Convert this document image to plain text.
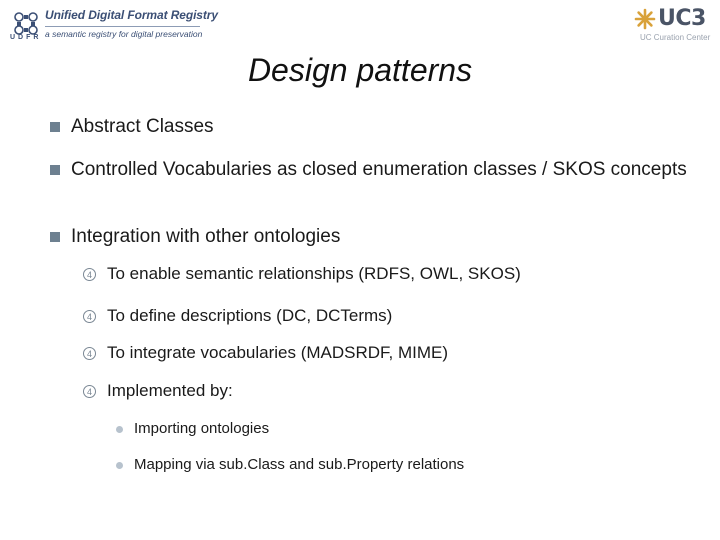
Unified Digital Format Registry
a semantic registry for digital preservation
UDFR
UC3
UC Curation Center
Design patterns
Abstract Classes
Controlled Vocabularies as closed enumeration classes / SKOS concepts
Integration with other ontologies
4 To enable semantic relationships (RDFS, OWL, SKOS)
4 To define descriptions (DC, DCTerms)
4 To integrate vocabularies (MADSRDF, MIME)
4 Implemented by:
Importing ontologies
Mapping via sub.Class and sub.Property relations
